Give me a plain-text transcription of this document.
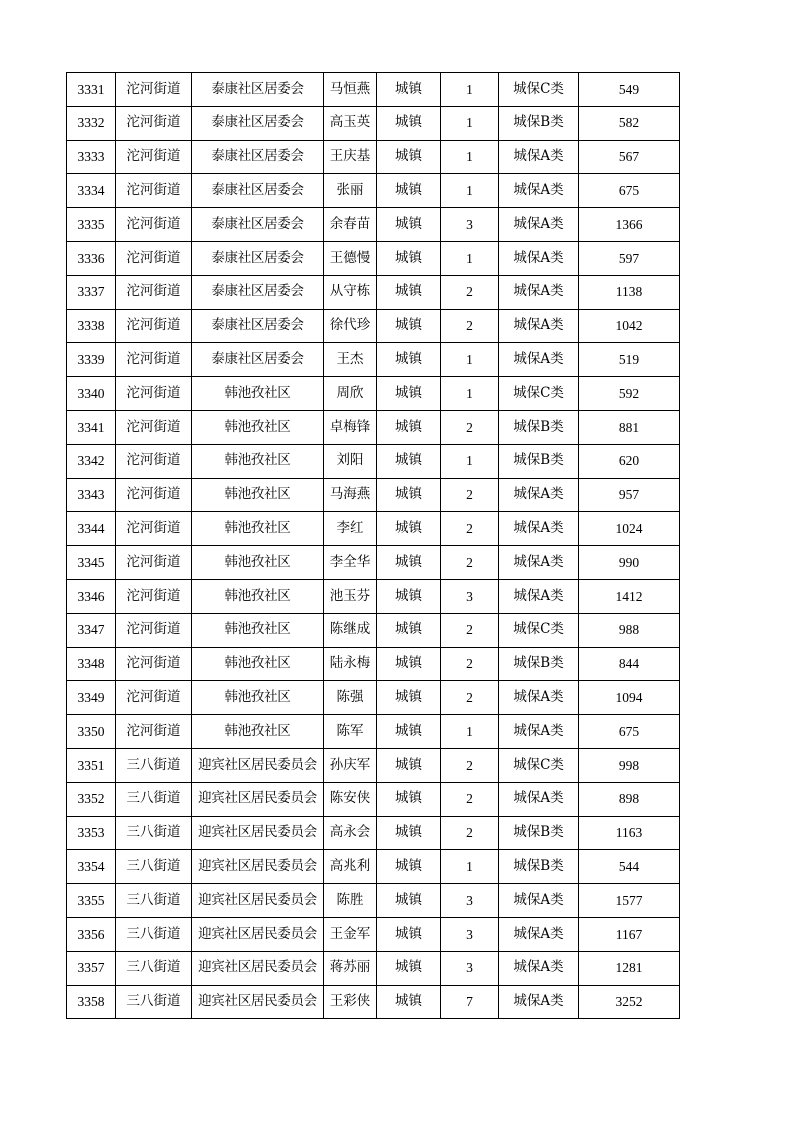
3331	沱河街道	泰康社区居委会	马恒燕	城镇	1	城保C类	549
3332	沱河街道	泰康社区居委会	高玉英	城镇	1	城保B类	582
3333	沱河街道	泰康社区居委会	王庆基	城镇	1	城保A类	567
3334	沱河街道	泰康社区居委会	张丽	城镇	1	城保A类	675
3335	沱河街道	泰康社区居委会	余春苗	城镇	3	城保A类	1366
3336	沱河街道	泰康社区居委会	王德慢	城镇	1	城保A类	597
3337	沱河街道	泰康社区居委会	从守栋	城镇	2	城保A类	1138
3338	沱河街道	泰康社区居委会	徐代珍	城镇	2	城保A类	1042
3339	沱河街道	泰康社区居委会	王杰	城镇	1	城保A类	519
3340	沱河街道	韩池孜社区	周欣	城镇	1	城保C类	592
3341	沱河街道	韩池孜社区	卓梅锋	城镇	2	城保B类	881
3342	沱河街道	韩池孜社区	刘阳	城镇	1	城保B类	620
3343	沱河街道	韩池孜社区	马海燕	城镇	2	城保A类	957
3344	沱河街道	韩池孜社区	李红	城镇	2	城保A类	1024
3345	沱河街道	韩池孜社区	李全华	城镇	2	城保A类	990
3346	沱河街道	韩池孜社区	池玉芬	城镇	3	城保A类	1412
3347	沱河街道	韩池孜社区	陈继成	城镇	2	城保C类	988
3348	沱河街道	韩池孜社区	陆永梅	城镇	2	城保B类	844
3349	沱河街道	韩池孜社区	陈强	城镇	2	城保A类	1094
3350	沱河街道	韩池孜社区	陈军	城镇	1	城保A类	675
3351	三八街道	迎宾社区居民委员会	孙庆军	城镇	2	城保C类	998
3352	三八街道	迎宾社区居民委员会	陈安侠	城镇	2	城保A类	898
3353	三八街道	迎宾社区居民委员会	高永会	城镇	2	城保B类	1163
3354	三八街道	迎宾社区居民委员会	高兆利	城镇	1	城保B类	544
3355	三八街道	迎宾社区居民委员会	陈胜	城镇	3	城保A类	1577
3356	三八街道	迎宾社区居民委员会	王金军	城镇	3	城保A类	1167
3357	三八街道	迎宾社区居民委员会	蒋苏丽	城镇	3	城保A类	1281
3358	三八街道	迎宾社区居民委员会	王彩侠	城镇	7	城保A类	3252
